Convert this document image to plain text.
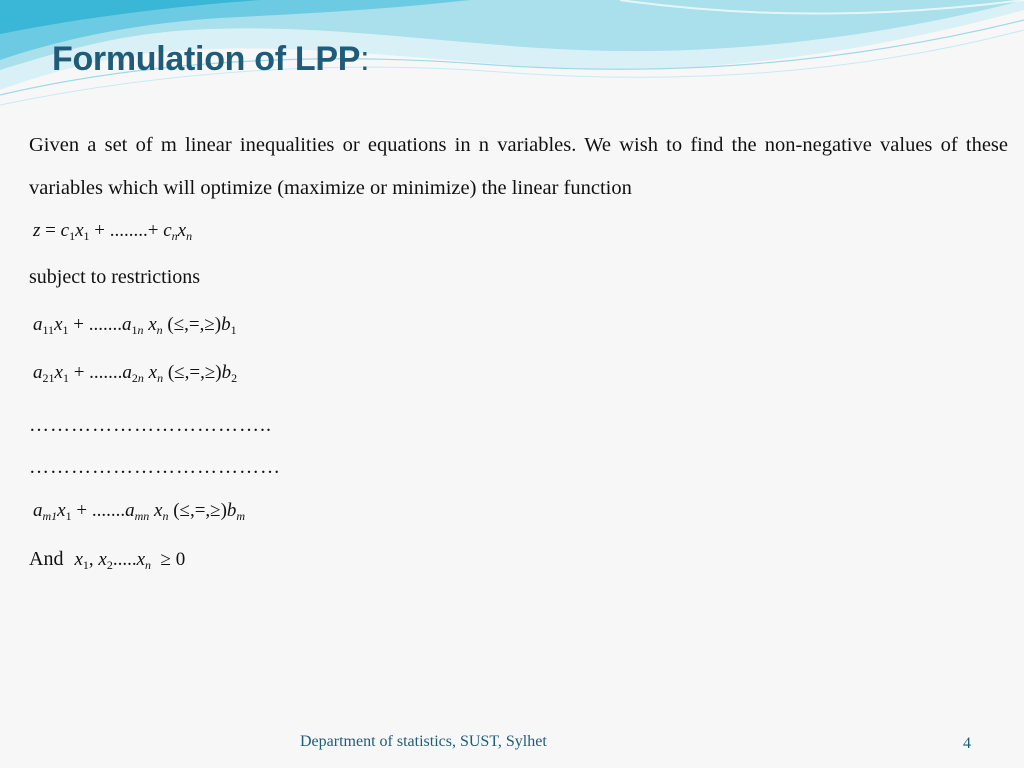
Formulation of LPP:

Given a set of m linear inequalities or equations in n variables. We wish to find the non-negative values of these variables which will optimize (maximize or minimize) the linear function

$z = c_1x_1$ + ........+ $c_nx_n$
subject to restrictions
$a_{11}x_1 + .......a_{1n}$ $x_n$ $(\le,=,\ge)b_1$
$a_{21}x_1 + .......a_{2n}$ $x_n$ $(\le,=,\ge)b_2$
……………………………..
………………………………
$a_{m1}x_1 + .......a_{mn}$ $x_n$ $(\le,=,\ge)b_m$
And $x_1$, $x_2.....x_n \ge 0$
Department of statistics, SUST, Sylhet	4
